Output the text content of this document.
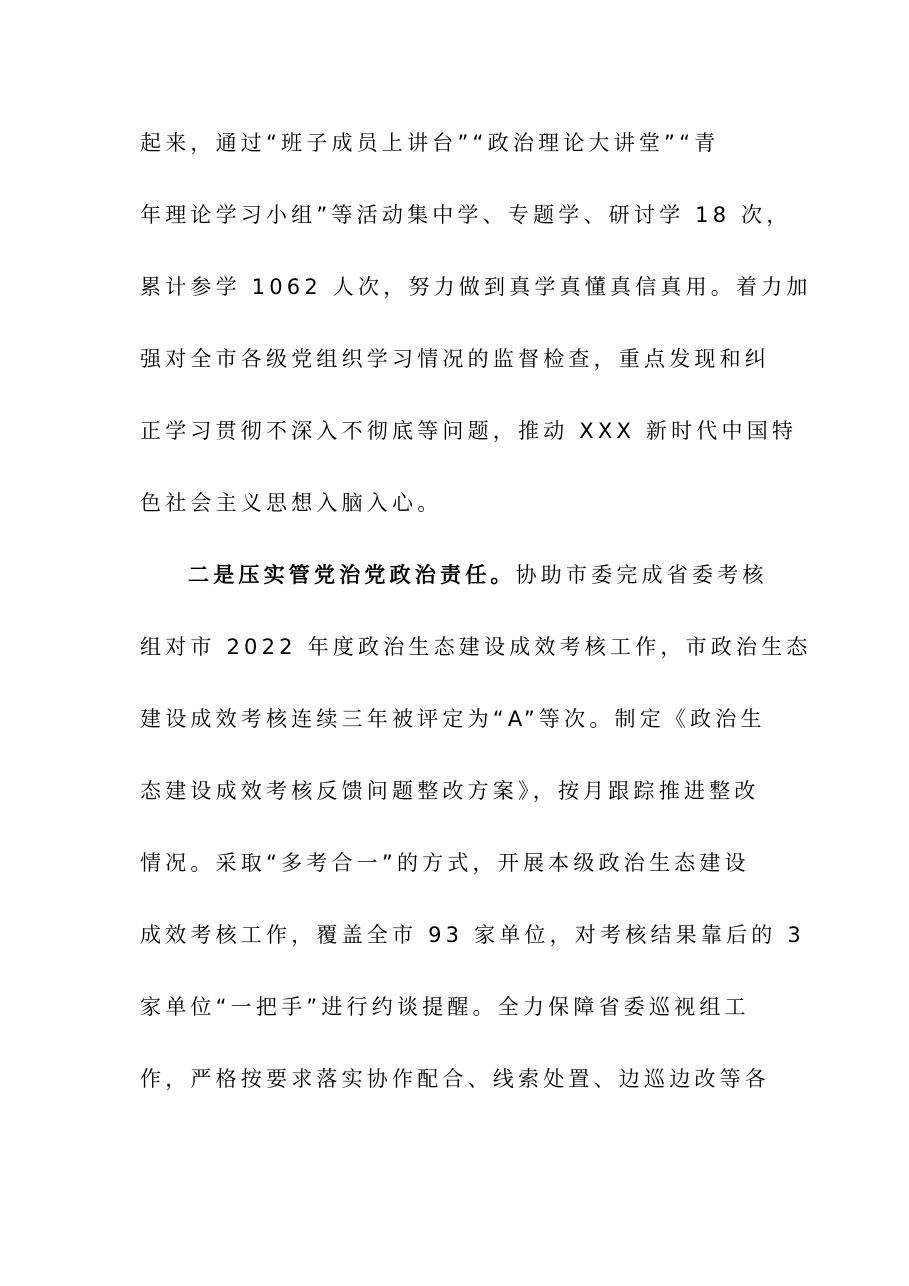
起来，通过“班子成员上讲台”“政治理论大讲堂”“青
年理论学习小组”等活动集中学、专题学、研讨学 18 次，
累计参学 1062 人次，努力做到真学真懂真信真用。着力加
强对全市各级党组织学习情况的监督检查，重点发现和纠
正学习贯彻不深入不彻底等问题，推动 XXX 新时代中国特
色社会主义思想入脑入心。
二是压实管党治党政治责任。协助市委完成省委考核
组对市 2022 年度政治生态建设成效考核工作，市政治生态
建设成效考核连续三年被评定为“A”等次。制定《政治生
态建设成效考核反馈问题整改方案》，按月跟踪推进整改
情况。采取“多考合一”的方式，开展本级政治生态建设
成效考核工作，覆盖全市 93 家单位，对考核结果靠后的 3
家单位“一把手”进行约谈提醒。全力保障省委巡视组工
作，严格按要求落实协作配合、线索处置、边巡边改等各
